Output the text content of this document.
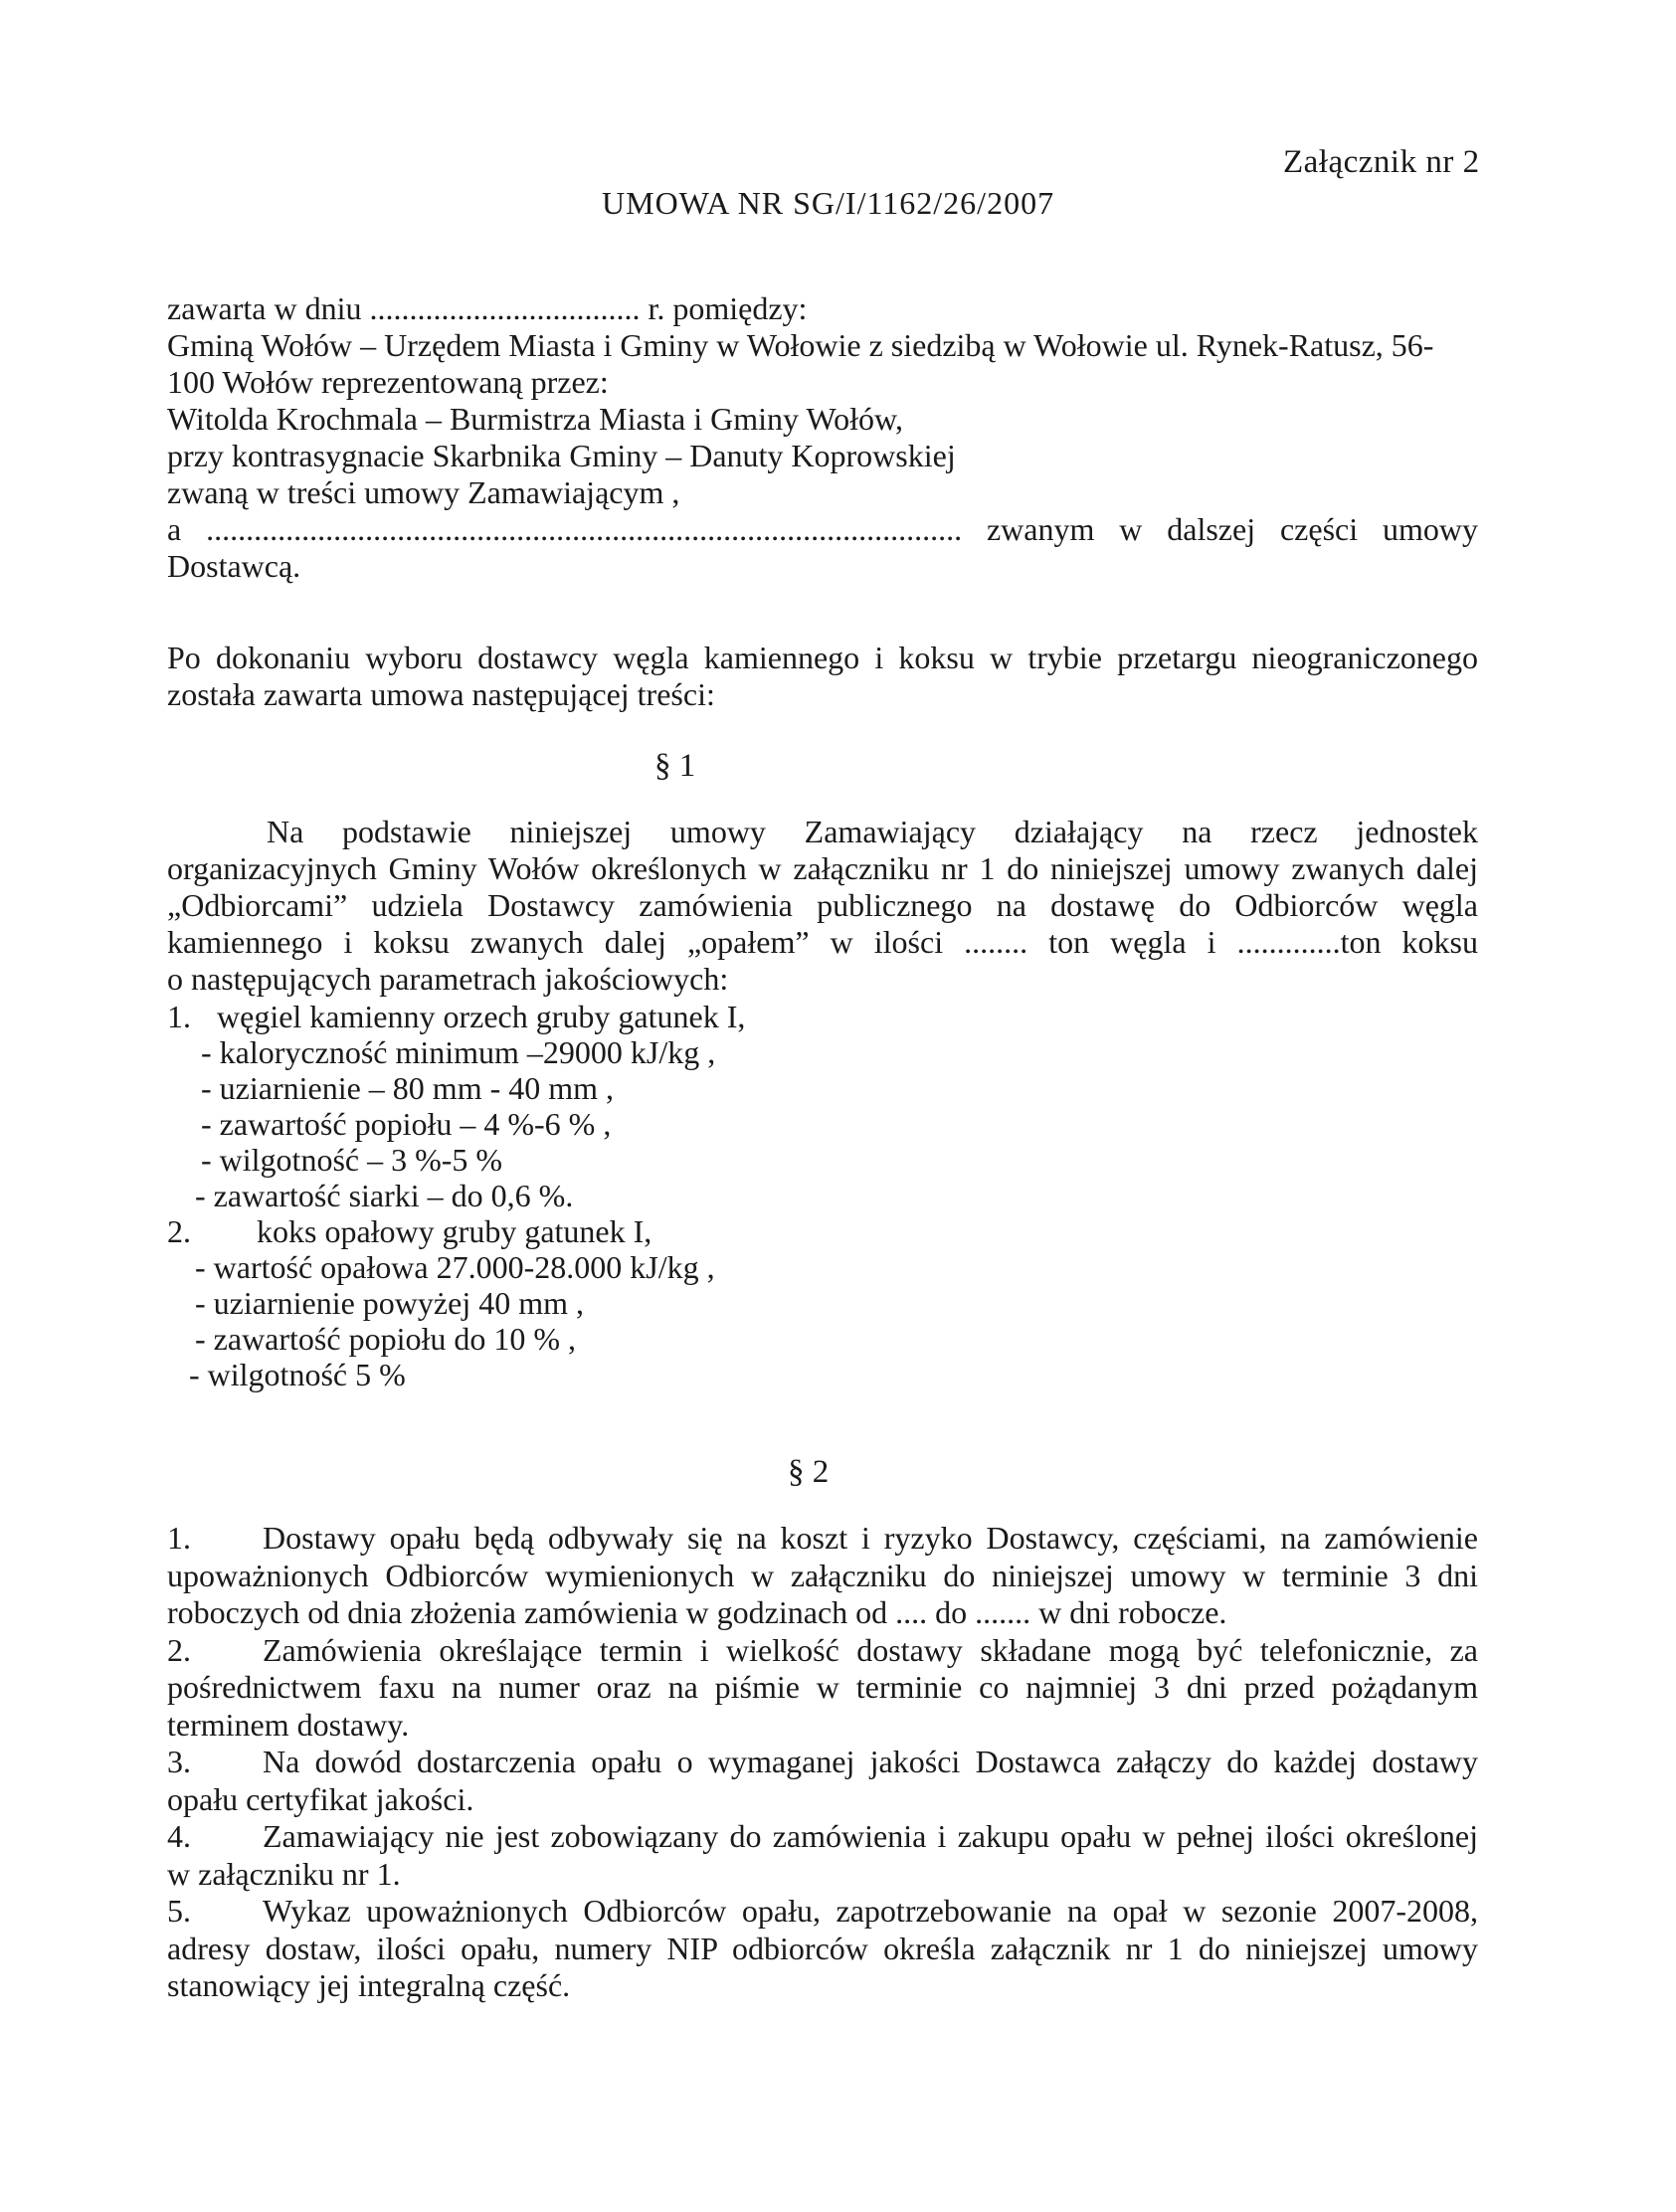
Załącznik nr 2
UMOWA NR SG/I/1162/26/2007
zawarta w dniu .................................. r. pomiędzy:
Gminą Wołów – Urzędem Miasta i Gminy w Wołowie z siedzibą w Wołowie ul. Rynek-Ratusz, 56-
100 Wołów reprezentowaną przez:
Witolda Krochmala – Burmistrza Miasta i Gminy Wołów,
przy kontrasygnacie Skarbnika Gminy – Danuty Koprowskiej
zwaną w treści umowy Zamawiającym ,
a ............................................................................................... zwanym w dalszej części umowy
Dostawcą.
Po dokonaniu wyboru dostawcy węgla kamiennego i koksu w trybie przetargu nieograniczonego
została zawarta umowa następującej treści:
§ 1
Na podstawie niniejszej umowy Zamawiający działający na rzecz jednostek
organizacyjnych Gminy Wołów określonych w załączniku nr 1 do niniejszej umowy zwanych dalej
„Odbiorcami” udziela Dostawcy zamówienia publicznego na dostawę do Odbiorców węgla
kamiennego i koksu zwanych dalej „opałem” w ilości ........ ton węgla i .............ton koksu
o następujących parametrach jakościowych:
1. węgiel kamienny orzech gruby gatunek I,
- kaloryczność minimum –29000 kJ/kg ,
- uziarnienie – 80 mm - 40 mm ,
- zawartość popiołu – 4 %-6 % ,
- wilgotność – 3 %-5 %
- zawartość siarki – do 0,6 %.
2. koks opałowy gruby gatunek I,
- wartość opałowa 27.000-28.000 kJ/kg ,
- uziarnienie powyżej 40 mm ,
- zawartość popiołu do 10 % ,
- wilgotność 5 %
§ 2
1. Dostawy opału będą odbywały się na koszt i ryzyko Dostawcy, częściami, na zamówienie
upoważnionych Odbiorców wymienionych w załączniku do niniejszej umowy w terminie 3 dni
roboczych od dnia złożenia zamówienia w godzinach od .... do ....... w dni robocze.
2. Zamówienia określające termin i wielkość dostawy składane mogą być telefonicznie, za
pośrednictwem faxu na numer oraz na piśmie w terminie co najmniej 3 dni przed pożądanym
terminem dostawy.
3. Na dowód dostarczenia opału o wymaganej jakości Dostawca załączy do każdej dostawy
opału certyfikat jakości.
4. Zamawiający nie jest zobowiązany do zamówienia i zakupu opału w pełnej ilości określonej
w załączniku nr 1.
5. Wykaz upoważnionych Odbiorców opału, zapotrzebowanie na opał w sezonie 2007-2008,
adresy dostaw, ilości opału, numery NIP odbiorców określa załącznik nr 1 do niniejszej umowy
stanowiący jej integralną część.
